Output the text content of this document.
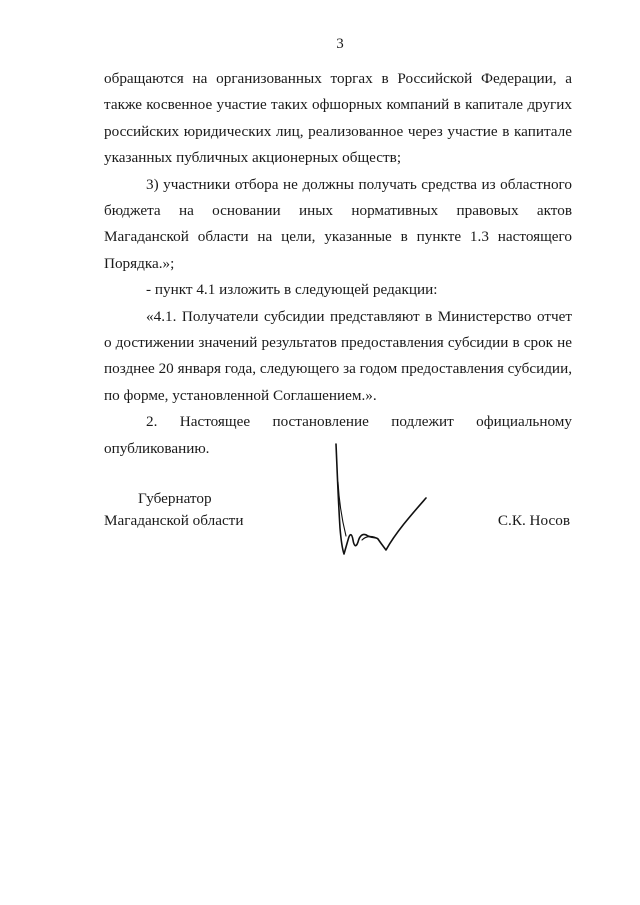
3

обращаются на организованных торгах в Российской Федерации, а также косвенное участие таких офшорных компаний в капитале других российских юридических лиц, реализованное через участие в капитале указанных публичных акционерных обществ;

3) участники отбора не должны получать средства из областного бюджета на основании иных нормативных правовых актов Магаданской области на цели, указанные в пункте 1.3 настоящего Порядка.»;

- пункт 4.1 изложить в следующей редакции:

«4.1. Получатели субсидии представляют в Министерство отчет о достижении значений результатов предоставления субсидии в срок не позднее 20 января года, следующего за годом предоставления субсидии, по форме, установленной Соглашением.».

2. Настоящее постановление подлежит официальному опубликованию.

Губернатор
Магаданской области	С.К. Носов
